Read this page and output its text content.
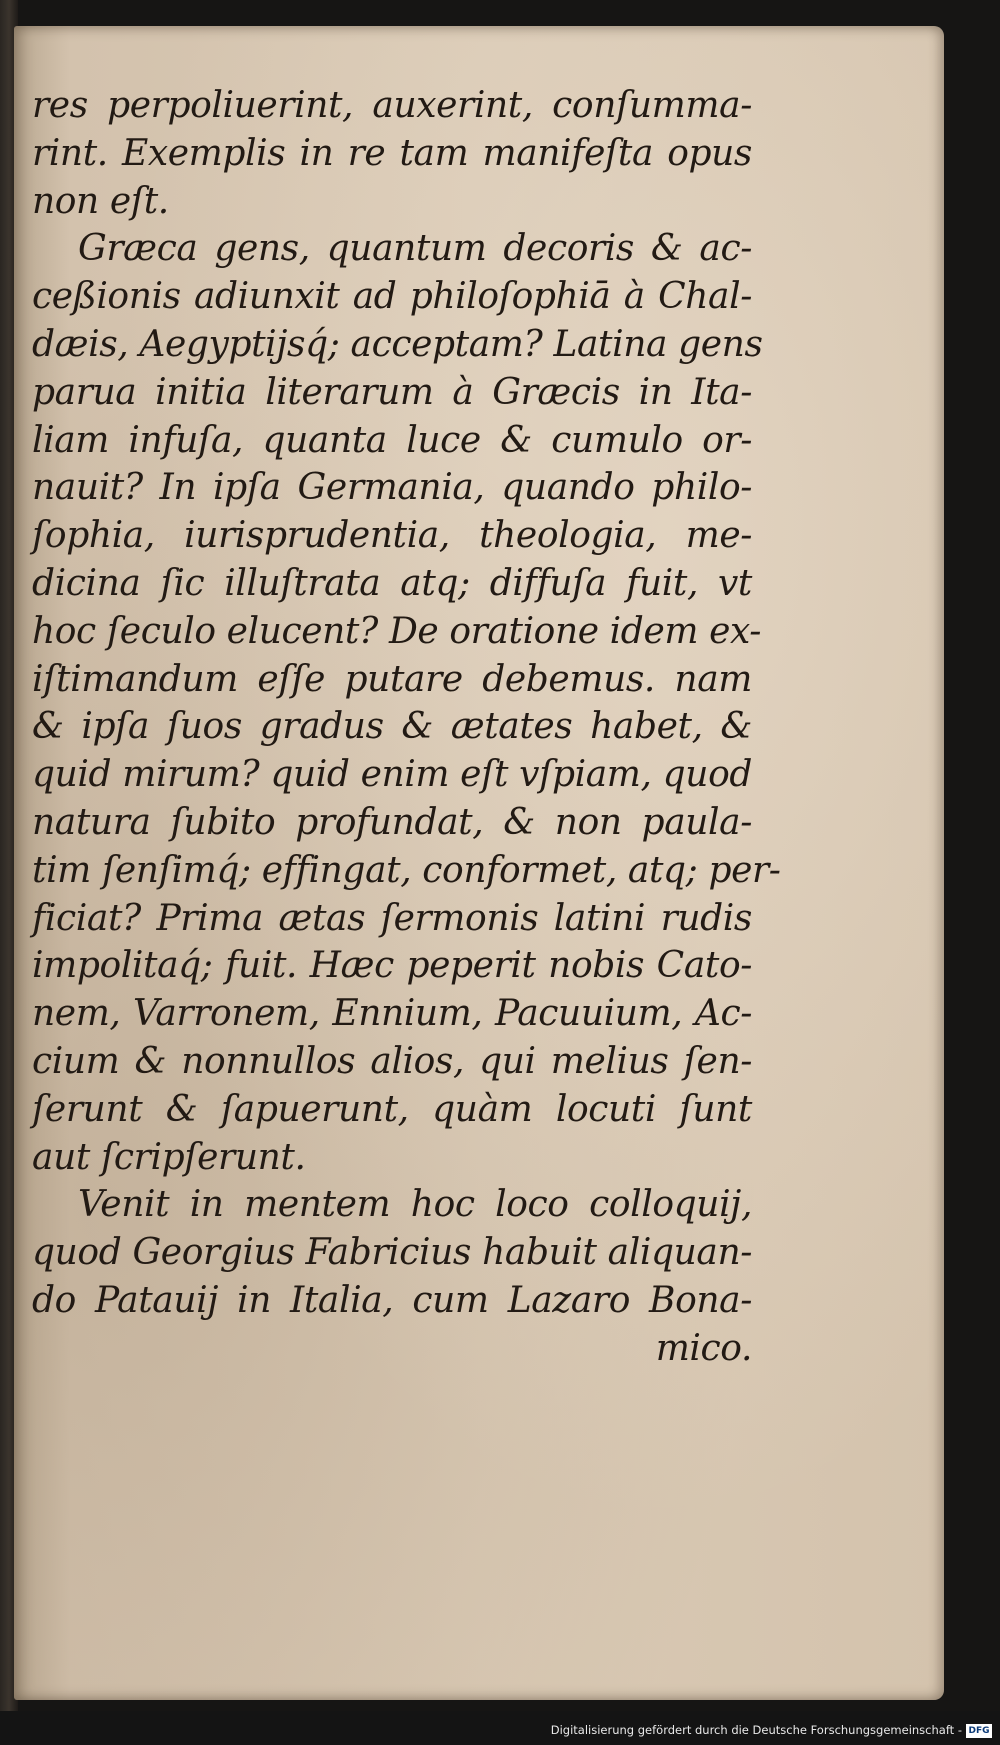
res perpoliuerint, auxerint, conſumma-
rint. Exemplis in re tam manifeſta opus
non eſt.
Græca gens, quantum decoris & ac-
ceßionis adiunxit ad philoſophiā à Chal-
dæis, Aegyptijsq́; acceptam? Latina gens
parua initia literarum à Græcis in Ita-
liam infuſa, quanta luce & cumulo or-
nauit? In ipſa Germania, quando philo-
ſophia, iurisprudentia, theologia, me-
dicina ſic illuſtrata atq; diffuſa fuit, vt
hoc ſeculo elucent? De oratione idem ex-
iſtimandum eſſe putare debemus. nam
& ipſa ſuos gradus & ætates habet, &
quid mirum? quid enim eſt vſpiam, quod
natura ſubito profundat, & non paula-
tim ſenſimq́; effingat, conformet, atq; per-
ficiat? Prima ætas ſermonis latini rudis
impolitaq́; fuit. Hæc peperit nobis Cato-
nem, Varronem, Ennium, Pacuuium, Ac-
cium & nonnullos alios, qui melius ſen-
ſerunt & ſapuerunt, quàm locuti ſunt
aut ſcripſerunt.
Venit in mentem hoc loco colloquij,
quod Georgius Fabricius habuit aliquan-
do Patauij in Italia, cum Lazaro Bona-
mico.
Digitalisierung gefördert durch die Deutsche Forschungsgemeinschaft - DFG
